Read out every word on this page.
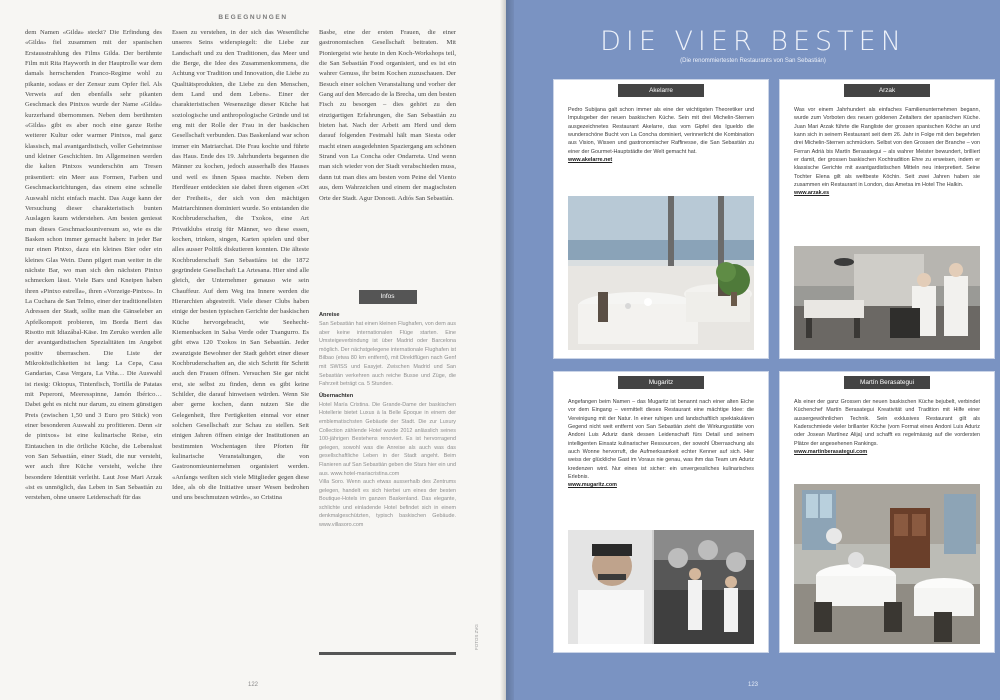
BEGEGNUNGEN

dem Namen «Gilda» steckt? Die Erfindung des «Gilda» fiel zusammen mit der spanischen Erstausstrahlung des Films Gilda. Der berühmte Film mit Rita Hayworth in der Hauptrolle war dem damals herrschenden Franco-Regime wohl zu pikante, sodass er der Zensur zum Opfer fiel. Als Verweis auf den ebenfalls sehr pikanten Geschmack des Pintxos wurde der Name «Gilda» kurzerhand übernommen. Neben dem berühmten «Gilda» gibt es aber noch eine ganze Reihe weiterer Kultur oder warmer Pintxos, mal ganz klassisch, mal avantgardistisch, voller Geheimnisse und kleiner Geschichten. Im Allgemeinen werden die kalten Pintxos wunderschön am Tresen präsentiert: ein Meer aus Formen, Farben und Geschmacksrichtungen, das einem eine schnelle Auswahl nicht einfach macht. Das Auge kann der Versuchung dieser charakteristisch bunten Auslagen kaum widerstehen. Am besten geniesst man dieses Geschmacksuniversum so, wie es die Basken schon immer gemacht haben: in jeder Bar nur einen Pintxo, dazu ein kleines Bier oder ein kleines Glas Wein. Dann pilgert man weiter in die nächste Bar, wo man sich den nächsten Pintxo schmecken lässt. Viele Bars und Kneipen haben ihren «Pintxo estrella», ihren «Vorzeige-Pintxo». In La Cuchara de San Telmo, einer der traditionellsten Adressen der Stadt, sollte man die Gänseleber an Apfelkompott probieren, im Borda Berri das Risotto mit Idiazábal-Käse. Im Zeruko werden alle der avantgardistischen Spezialitäten im Angebot positiv überraschen. Die Liste der Mikroköstlichkeiten ist lang: La Cepa, Casa Gandarias, Casa Vergara, La Viña… Die Auswahl ist riesig: Oktopus, Tintenfisch, Tortilla de Patatas mit Peperoni, Meeresspinne, Jamón Ibérico… Dabei geht es nicht nur darum, zu einem günstigen Preis (zwischen 1,50 und 3 Euro pro Stück) von einer besonderen Auswahl zu profitieren. Denn «ir de pintxos» ist eine kulinarische Reise, ein Eintauchen in die örtliche Küche, die Lebenslust von San Sebastián, einer Stadt, die nur versteht, wer auch ihre Küche versteht, welche ihre besondere Identität verleiht. Laut Jose Mari Arzak «ist es unmöglich, das Leben in San Sebastián zu verstehen, ohne unsere Leidenschaft für das

Essen zu verstehen, in der sich das Wesentliche unseres Seins widerspiegelt: die Liebe zur Landschaft und zu den Traditionen, das Meer und die Berge, die Idee des Zusammenkommens, die Achtung vor Tradition und Innovation, die Liebe zu Qualitätsprodukten, die Liebe zu den Menschen, dem Land und dem Leben». Einer der charakteristischen Wesenszüge dieser Küche hat soziologische und anthropologische Gründe und ist eng mit der Rolle der Frau in der baskischen Gesellschaft verbunden. Das Baskenland war schon immer ein Matriarchat. Die Frau kochte und führte das Haus. Ende des 19. Jahrhunderts begannen die Männer zu kochen, jedoch ausserhalb des Hauses und weil es ihnen Spass machte. Neben dem Herdfeuer entdeckten sie dabei ihren eigenen «Ort der Freiheit», der sich von den mächtigen Matriarchinnen dominiert wurde. So entstanden die Kochbruderschaften, die Txokos, eine Art Privatklubs einzig für Männer, wo diese essen, kochen, trinken, singen, Karten spielen und über alles ausser Politik diskutieren konnten. Die älteste Kochbruderschaft San Sebastiáns ist die 1872 gegründete Gesellschaft La Artesana. Hier sind alle gleich, der Unternehmer genauso wie sein Chauffeur. Auf dem Weg ins Innere werden die Hierarchien abgestreift. Viele dieser Clubs haben einige der besten typischen Gerichte der baskischen Küche hervorgebracht, wie Seehecht-Kiemenbacken in Salsa Verde oder Txangurro. Es gibt etwa 120 Txokos in San Sebastián. Jeder zwanzigste Bewohner der Stadt gehört einer dieser Kochbruderschaften an, die sich Schritt für Schritt auch den Frauen öffnen. Versuchen Sie gar nicht erst, sie selbst zu finden, denn es gibt keine Schilder, die darauf hinweisen würden. Wenn Sie aber gerne kochen, dann nutzen Sie die Gelegenheit, Ihre Fertigkeiten einmal vor einer solchen Gesellschaft zur Schau zu stellen. Seit einigen Jahren öffnen einige der Institutionen an bestimmten Wochentagen ihre Pforten für kulinarische Veranstaltungen, die von Gastronomieunternehmen organisiert werden. «Anfangs weilten sich viele Mitglieder gegen diese Idee, als ob die Initiative unser Wesen bedrohen und uns beschmutzen würde», so Cristina

Basbe, eine der ersten Frauen, die einer gastronomischen Gesellschaft beitraten. Mit Pioniergeist wie heute in den Koch-Workshops teil, die San Sebastián Food organisiert, und es ist ein wahrer Genuss, ihr beim Kochen zuzuschauen. Der Besuch einer solchen Veranstaltung und vorher der Gang auf den Mercado de la Brecha, um den besten Fisch zu besorgen – dies gehört zu den einzigartigen Erfahrungen, die San Sebastián zu bieten hat. Nach der Arbeit am Herd und dem darauf folgenden Festmahl hält man Siesta oder macht einen ausgedehnten Spaziergang am schönen Strand von La Concha oder Ondarreta. Und wenn man sich wieder von der Stadt verabschieden muss, dann tut man dies am besten vom Peine del Viento aus, dem Wahrzeichen und einem der magischsten Orte der Stadt. Agur Donosti. Adiós San Sebastián.

Infos
Anreise
San Sebastián hat einen kleinen Flughafen, von dem aus aber keine internationalen Flüge starten. Eine Umsteigeverbindung ist über Madrid oder Barcelona möglich. Der nächstgelegene internationale Flughafen ist Bilbao (etwa 80 km entfernt), mit Direktflügen nach Genf mit SWISS und Easyjet. Zwischen Madrid und San Sebastián verkehren auch reiche Busse und Züge, die Fahrzeit beträgt ca. 5 Stunden.
Übernachten
Hotel María Cristina. Die Grande-Dame der baskischen Hotellerie bietet Luxus à la Belle Époque in einem der emblematischsten Gebäude der Stadt. Die zur Luxury Collection zählende Hotel wurde 2012 anlässlich seines 100-jährigen Bestehens renoviert. Es ist hervorragend gelegen, sowohl was die Anreise als auch was das gesellschaftliche Leben in der Stadt angeht. Beim Flanieren auf San Sebastián geben die Stars hier ein und aus. www.hotel-mariacristina.com
Villa Soro. Wenn auch etwas ausserhalb des Zentrums gelegen, handelt es sich hierbei um eines der besten Boutique-Hotels im ganzen Baskenland. Das elegante, schlichte und einladende Hotel befindet sich in einem denkmalgeschützten, typisch baskischen Gebäude. www.villasoro.com
FOTOS ZVG
122
DIE VIER BESTEN
(Die renommiertesten Restaurants von San Sebastián)
Akelarre
Pedro Subijana galt schon immer als eine der wichtigsten Theoretiker und Impulsgeber der neuen baskischen Küche. Sein mit drei Michelin-Sternen ausgezeichnetes Restaurant Akelarre, das vom Gipfel des Igueldo die wunderschöne Bucht von La Concha dominiert, verinnerlicht die Kombination aus Vision, Wissen und gastronomischer Raffinesse, die San Sebastián zu einer der Gourmet-Hauptstädte der Welt gemacht hat.
www.akelarre.net
Arzak
Was vor einem Jahrhundert als einfaches Familienunternehmen begann, wurde zum Vorboten des neuen goldenen Zeitalters der spanischen Küche. Juan Mari Arzak führte die Rangliste der grossen spanischen Köche an und kann sich in seinem Restaurant seit dem 26. Jahr in Folge mit den begehrten drei Michelin-Sternen schmücken. Selbst von den Grossen der Branche – von Ferran Adrià bis Martín Berasategui – als wahrer Meister bewundert, brilliert er damit, der grossen baskischen Kochtradition Ehre zu erweisen, indem er klassische Gerichte mit avantgardistischen Mitteln neu interpretiert. Seine Tochter Elena gilt als weltbeste Köchin. Seit zwei Jahren haben sie zusammen ein Restaurant in London, das Ametsa im Hotel The Halkin.
www.arzak.es
Mugaritz
Angefangen beim Namen – das Mugaritz ist benannt nach einer alten Eiche vor dem Eingang – vermittelt dieses Restaurant eine mächtige Idee: die Vereinigung mit der Natur. In einer ruhigen und landschaftlich spektakulären Gegend nicht weit entfernt von San Sebastián zieht die Wirkungsstätte von Andoni Luis Aduriz dank dessen Leidenschaft fürs Detail und seinem intelligenten Einsatz kulinarischer Ressourcen, der sowohl Überraschung als auch Wonne hervorruft, die Aufmerksamkeit echter Kenner auf sich. Hier weiss der glückliche Gast im Voraus nie genau, was ihm das Team um Aduriz kredenzen wird. Nur eines ist sicher: ein unvergessliches kulinarisches Erlebnis.
www.mugaritz.com
Martín Berasategui
Als einer der ganz Grossen der neuen baskischen Küche bejubelt, verbindet Küchenchef Martín Berasategui Kreativität und Tradition mit Hilfe einer aussergewöhnlichen Technik. Sein exklusives Restaurant gilt als Kaderschmiede vieler brillanter Köche (vom Format eines Andoni Luis Aduriz oder Josean Martínez Alija) und schafft es regelmässig auf die vordersten Plätze der angesehenen Rankings.
www.martinberasategui.com
123
